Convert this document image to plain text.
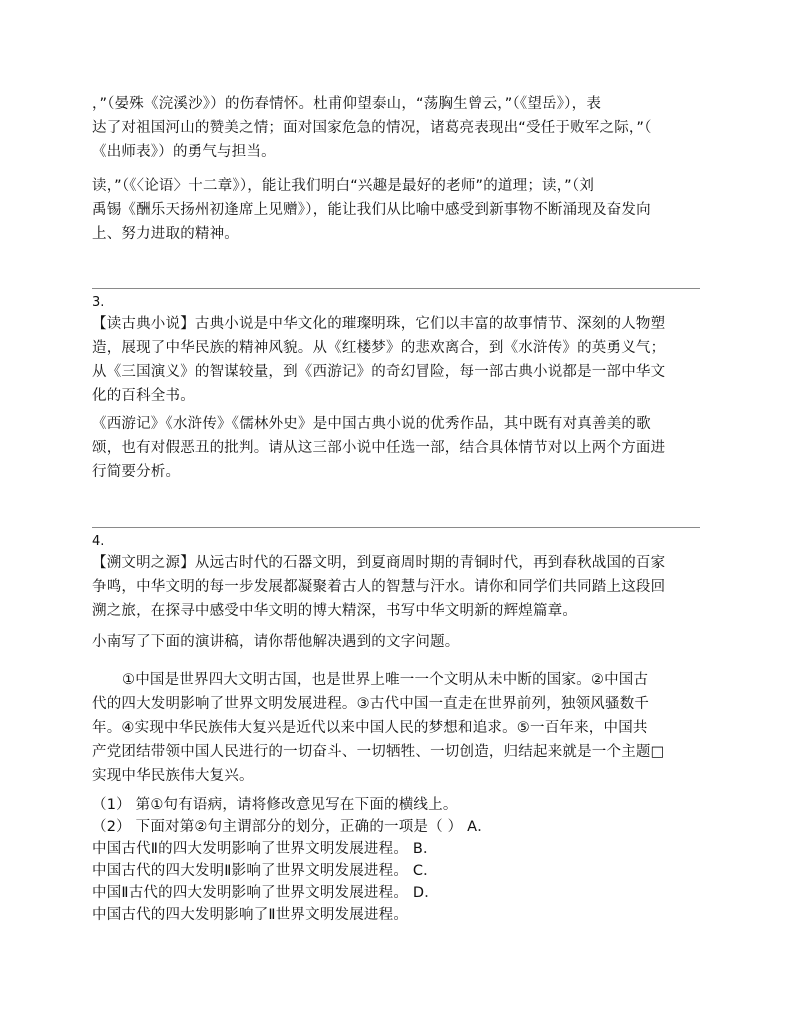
，”（晏殊《浣溪沙》）的伤春情怀。杜甫仰望泰山，“荡胸生曾云，”（《望岳》），表

达了对祖国河山的赞美之情；面对国家危急的情况，诸葛亮表现出“受任于败军之际，”（

《出师表》）的勇气与担当。

读，”（《〈论语〉十二章》），能让我们明白“兴趣是最好的老师”的道理；读，”（刘

禹锡《酬乐天扬州初逢席上见赠》），能让我们从比喻中感受到新事物不断涌现及奋发向

上、努力进取的精神。

3.

【读古典小说】古典小说是中华文化的璀璨明珠，它们以丰富的故事情节、深刻的人物塑

造，展现了中华民族的精神风貌。从《红楼梦》的悲欢离合，到《水浒传》的英勇义气；

从《三国演义》的智谋较量，到《西游记》的奇幻冒险，每一部古典小说都是一部中华文

化的百科全书。

《西游记》《水浒传》《儒林外史》是中国古典小说的优秀作品，其中既有对真善美的歌

颂，也有对假恶丑的批判。请从这三部小说中任选一部，结合具体情节对以上两个方面进

行简要分析。

4.

【溯文明之源】从远古时代的石器文明，到夏商周时期的青铜时代，再到春秋战国的百家

争鸣，中华文明的每一步发展都凝聚着古人的智慧与汗水。请你和同学们共同踏上这段回

溯之旅，在探寻中感受中华文明的博大精深，书写中华文明新的辉煌篇章。

小南写了下面的演讲稿，请你帮他解决遇到的文字问题。

①中国是世界四大文明古国，也是世界上唯一一个文明从未中断的国家。②中国古

代的四大发明影响了世界文明发展进程。③古代中国一直走在世界前列，独领风骚数千

年。④实现中华民族伟大复兴是近代以来中国人民的梦想和追求。⑤一百年来，中国共

产党团结带领中国人民进行的一切奋斗、一切牺牲、一切创造，归结起来就是一个主题□

实现中华民族伟大复兴。

（1） 第①句有语病，请将修改意见写在下面的横线上。

（2） 下面对第②句主谓部分的划分，正确的一项是（ ） A．

中国古代Ⅱ的四大发明影响了世界文明发展进程。 B．

中国古代的四大发明Ⅱ影响了世界文明发展进程。 C．

中国Ⅱ古代的四大发明影响了世界文明发展进程。 D．

中国古代的四大发明影响了Ⅱ世界文明发展进程。
